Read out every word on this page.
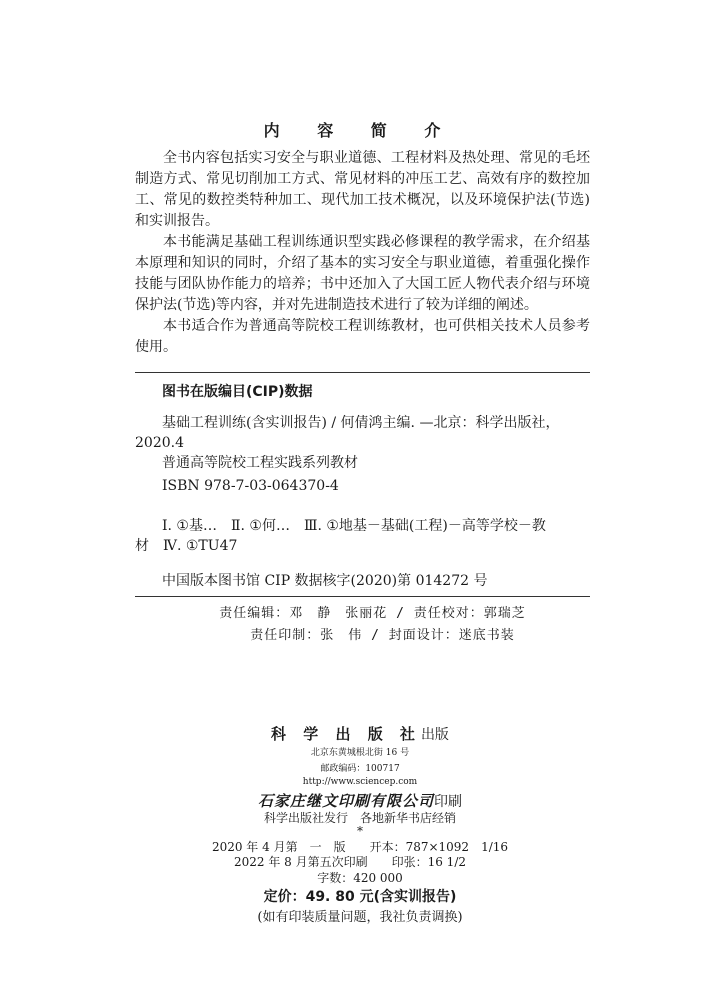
内 容 简 介

全书内容包括实习安全与职业道德、工程材料及热处理、常见的毛坯制造方式、常见切削加工方式、常见材料的冲压工艺、高效有序的数控加工、常见的数控类特种加工、现代加工技术概况，以及环境保护法(节选)和实训报告。

本书能满足基础工程训练通识型实践必修课程的教学需求，在介绍基本原理和知识的同时，介绍了基本的实习安全与职业道德，着重强化操作技能与团队协作能力的培养；书中还加入了大国工匠人物代表介绍与环境保护法(节选)等内容，并对先进制造技术进行了较为详细的阐述。

本书适合作为普通高等院校工程训练教材，也可供相关技术人员参考使用。

图书在版编目(CIP)数据
基础工程训练(含实训报告) / 何倩鸿主编. —北京：科学出版社，
2020.4
普通高等院校工程实践系列教材
ISBN 978-7-03-064370-4
Ⅰ. ①基…　Ⅱ. ①何…　Ⅲ. ①地基－基础(工程)－高等学校－教
材　Ⅳ. ①TU47
中国版本图书馆 CIP 数据核字(2020)第 014272 号
责任编辑：邓　静　张丽花 / 责任校对：郭瑞芝
责任印制：张　伟 / 封面设计：迷底书装
科 学 出 版 社出版
北京东黄城根北街 16 号
邮政编码：100717
http://www.sciencep.com
石家庄继文印刷有限公司印刷
科学出版社发行　各地新华书店经销
*
2020 年 4 月第　一　版　　开本：787×1092　1/16
2022 年 8 月第五次印刷　　印张：16 1/2
字数：420 000
定价：49. 80 元(含实训报告)
(如有印装质量问题，我社负责调换)
